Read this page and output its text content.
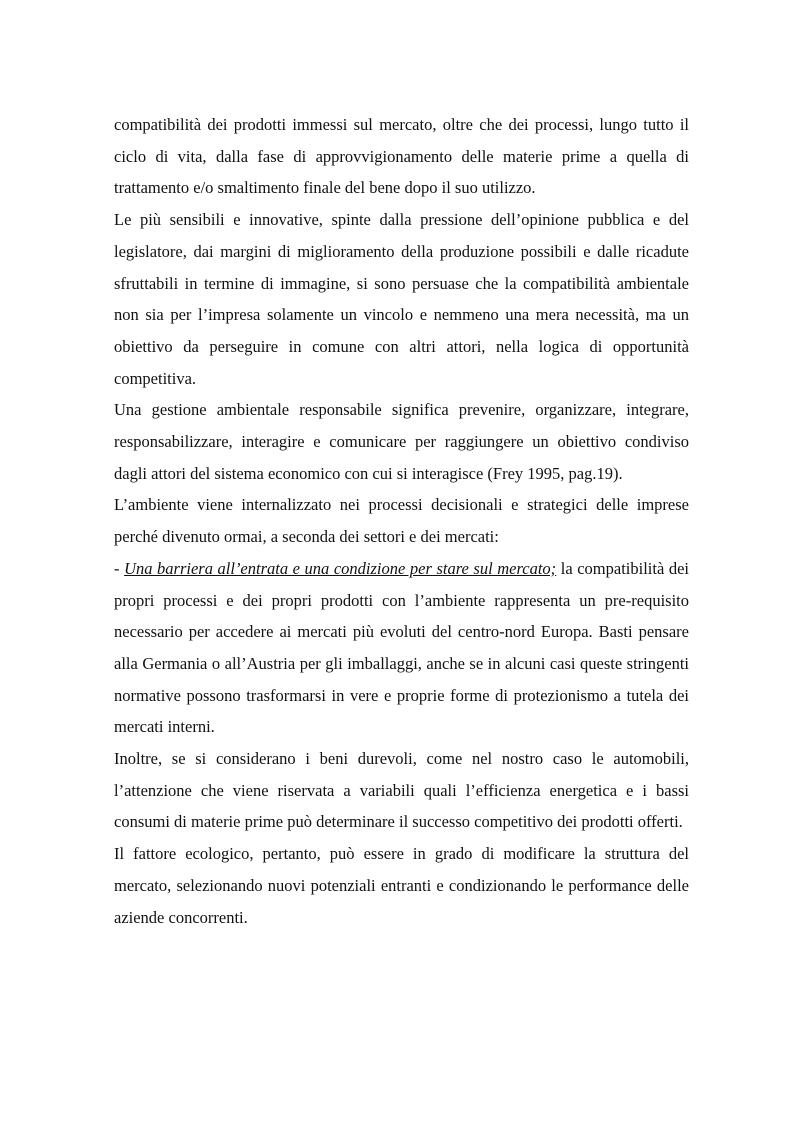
compatibilità dei prodotti immessi sul mercato, oltre che dei processi, lungo tutto il ciclo di vita, dalla fase di approvvigionamento delle materie prime a quella di trattamento e/o smaltimento finale del bene dopo il suo utilizzo.

Le più sensibili e innovative, spinte dalla pressione dell’opinione pubblica e del legislatore, dai margini di miglioramento della produzione possibili e dalle ricadute sfruttabili in termine di immagine, si sono persuase che la compatibilità ambientale non sia per l’impresa solamente un vincolo e nemmeno una mera necessità, ma un obiettivo da perseguire in comune con altri attori, nella logica di opportunità competitiva.

Una gestione ambientale responsabile significa prevenire, organizzare, integrare, responsabilizzare, interagire e comunicare per raggiungere un obiettivo condiviso dagli attori del sistema economico con cui si interagisce (Frey 1995, pag.19).

L’ambiente viene internalizzato nei processi decisionali e strategici delle imprese perché divenuto ormai, a seconda dei settori e dei mercati:

- Una barriera all’entrata e una condizione per stare sul mercato; la compatibilità dei propri processi e dei propri prodotti con l’ambiente rappresenta un pre-requisito necessario per accedere ai mercati più evoluti del centro-nord Europa. Basti pensare alla Germania o all’Austria per gli imballaggi, anche se in alcuni casi queste stringenti normative possono trasformarsi in vere e proprie forme di protezionismo a tutela dei mercati interni.

Inoltre, se si considerano i beni durevoli, come nel nostro caso le automobili, l’attenzione che viene riservata a variabili quali l’efficienza energetica e i bassi consumi di materie prime può determinare il successo competitivo dei prodotti offerti.

Il fattore ecologico, pertanto, può essere in grado di modificare la struttura del mercato, selezionando nuovi potenziali entranti e condizionando le performance delle aziende concorrenti.
